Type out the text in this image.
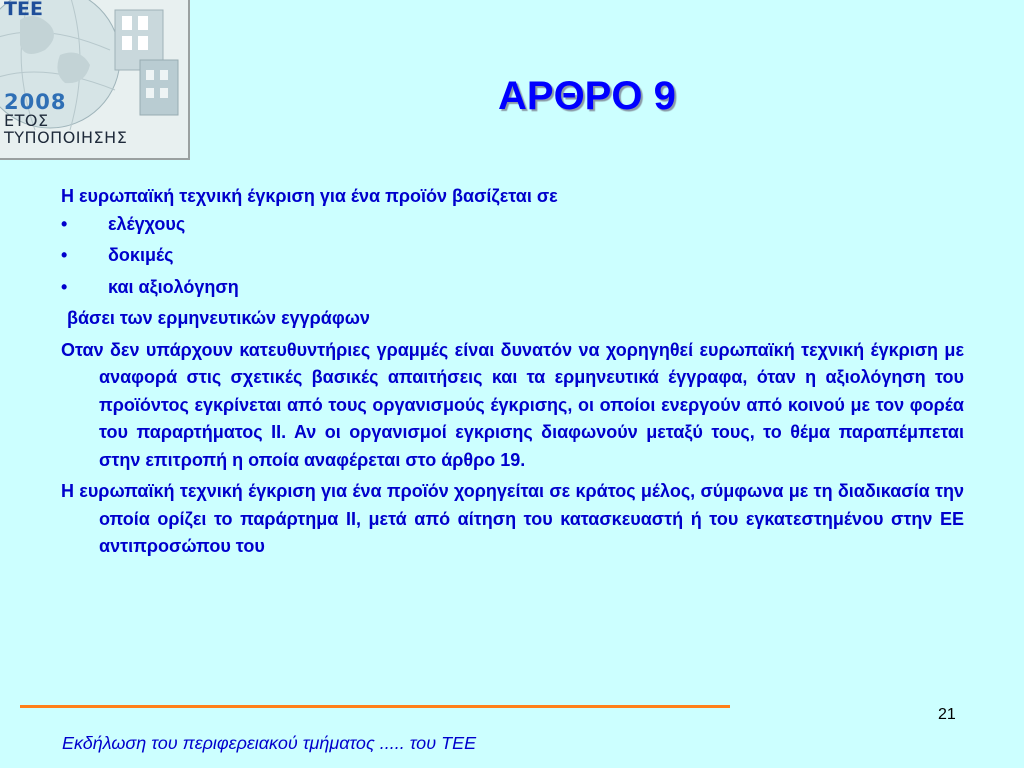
ΤΕΕ
2008
ΕΤΟΣ
ΤΥΠΟΠΟΙΗΣΗΣ
ΑΡΘΡΟ 9

Η ευρωπαϊκή τεχνική έγκριση για ένα προϊόν βασίζεται σε

•	ελέγχους
•	δοκιμές
•	και αξιολόγηση

βάσει των ερμηνευτικών εγγράφων

Οταν δεν υπάρχουν κατευθυντήριες γραμμές είναι δυνατόν να χορηγηθεί ευρωπαϊκή τεχνική έγκριση με αναφορά στις σχετικές βασικές απαιτήσεις και τα ερμηνευτικά έγγραφα, όταν η αξιολόγηση του προϊόντος εγκρίνεται από τους οργανισμούς έγκρισης, οι οποίοι ενεργούν από κοινού με τον φορέα του παραρτήματος ΙΙ. Αν οι οργανισμοί εγκρισης διαφωνούν μεταξύ τους, το θέμα παραπέμπεται στην επιτροπή η οποία αναφέρεται στο άρθρο 19.

Η ευρωπαϊκή τεχνική έγκριση για ένα προϊόν χορηγείται σε κράτος μέλος, σύμφωνα με τη διαδικασία την οποία ορίζει το παράρτημα ΙΙ, μετά από αίτηση του κατασκευαστή ή του εγκατεστημένου στην ΕΕ αντιπροσώπου του

21
Εκδήλωση του περιφερειακού τμήματος ..... του ΤΕΕ
